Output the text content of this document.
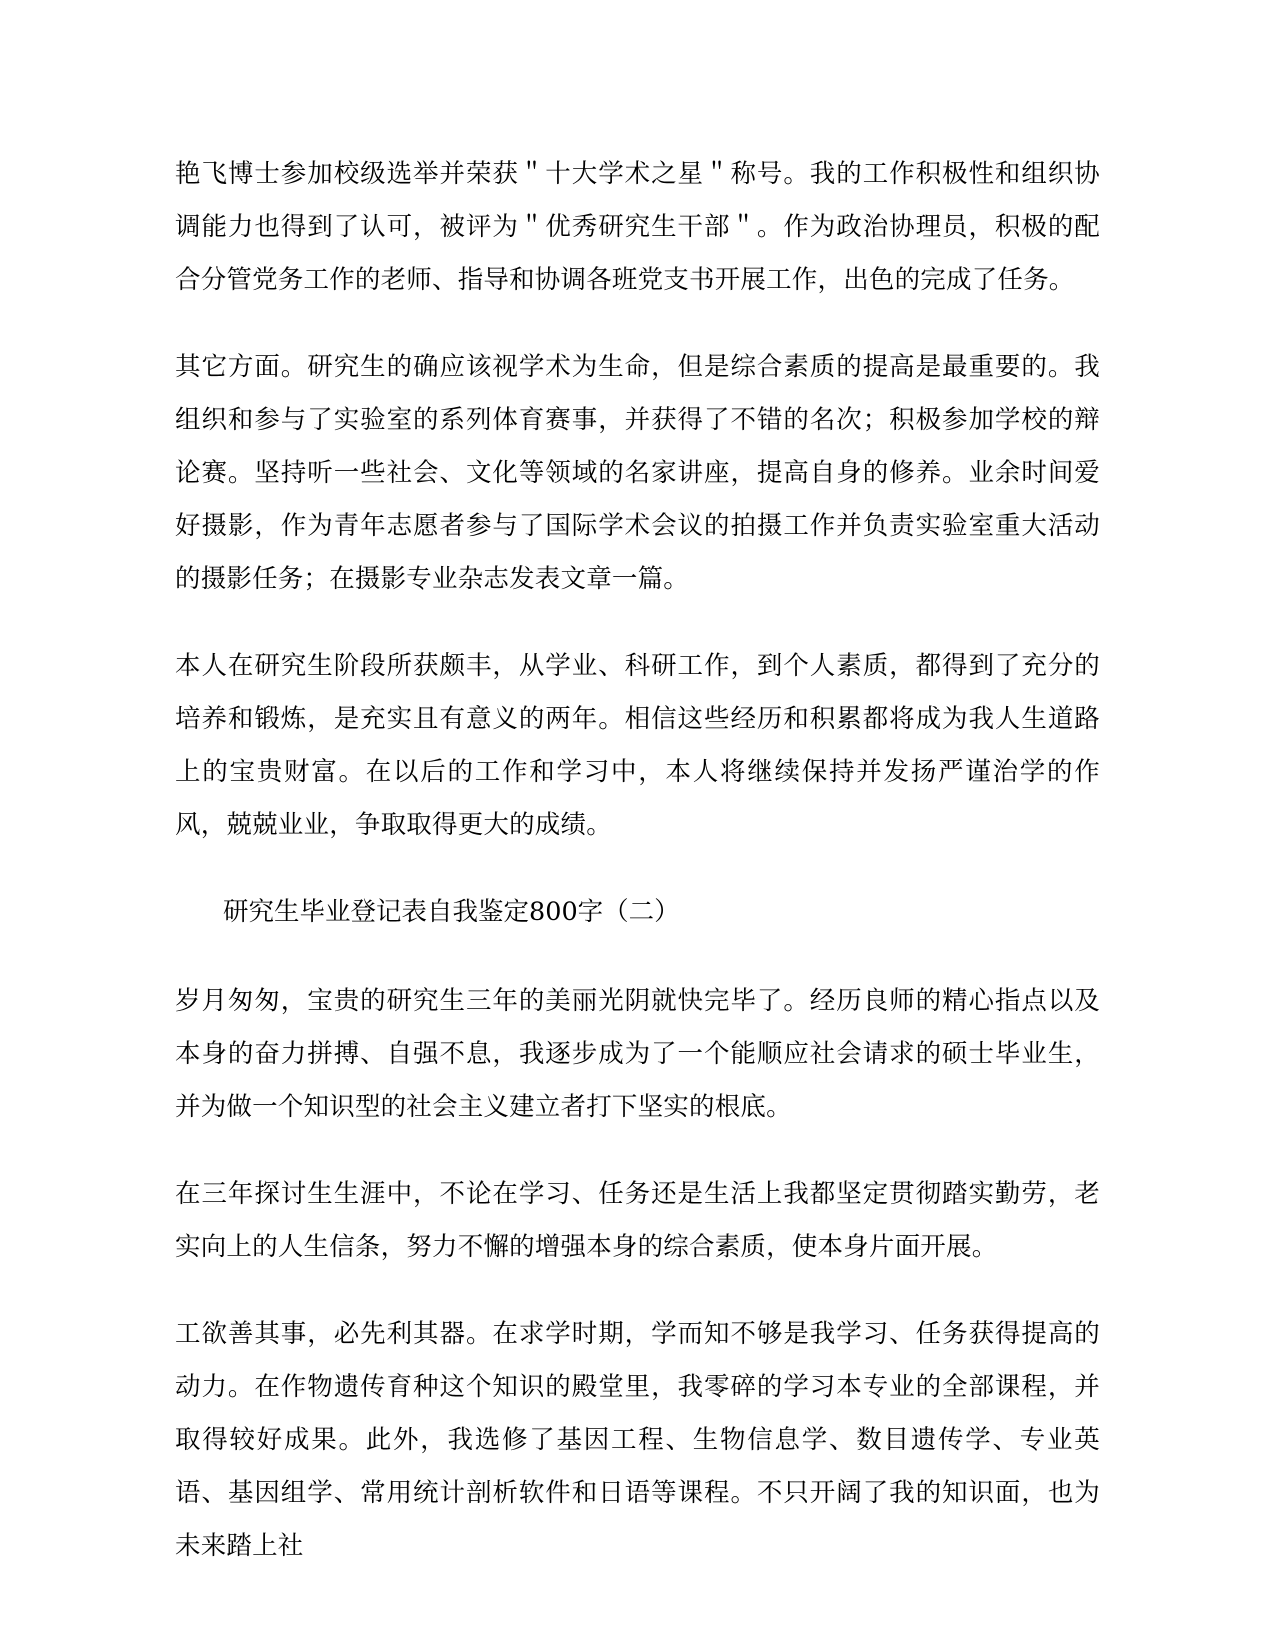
艳飞博士参加校级选举并荣获＂十大学术之星＂称号。我的工作积极性和组织协调能力也得到了认可，被评为＂优秀研究生干部＂。作为政治协理员，积极的配合分管党务工作的老师、指导和协调各班党支书开展工作，出色的完成了任务。

其它方面。研究生的确应该视学术为生命，但是综合素质的提高是最重要的。我组织和参与了实验室的系列体育赛事，并获得了不错的名次；积极参加学校的辩论赛。坚持听一些社会、文化等领域的名家讲座，提高自身的修养。业余时间爱好摄影，作为青年志愿者参与了国际学术会议的拍摄工作并负责实验室重大活动的摄影任务；在摄影专业杂志发表文章一篇。

本人在研究生阶段所获颇丰，从学业、科研工作，到个人素质，都得到了充分的培养和锻炼，是充实且有意义的两年。相信这些经历和积累都将成为我人生道路上的宝贵财富。在以后的工作和学习中，本人将继续保持并发扬严谨治学的作风，兢兢业业，争取取得更大的成绩。

研究生毕业登记表自我鉴定800字（二）

岁月匆匆，宝贵的研究生三年的美丽光阴就快完毕了。经历良师的精心指点以及本身的奋力拼搏、自强不息，我逐步成为了一个能顺应社会请求的硕士毕业生，并为做一个知识型的社会主义建立者打下坚实的根底。

在三年探讨生生涯中，不论在学习、任务还是生活上我都坚定贯彻踏实勤劳，老实向上的人生信条，努力不懈的增强本身的综合素质，使本身片面开展。

工欲善其事，必先利其器。在求学时期，学而知不够是我学习、任务获得提高的动力。在作物遗传育种这个知识的殿堂里，我零碎的学习本专业的全部课程，并取得较好成果。此外，我选修了基因工程、生物信息学、数目遗传学、专业英语、基因组学、常用统计剖析软件和日语等课程。不只开阔了我的知识面，也为未来踏上社
